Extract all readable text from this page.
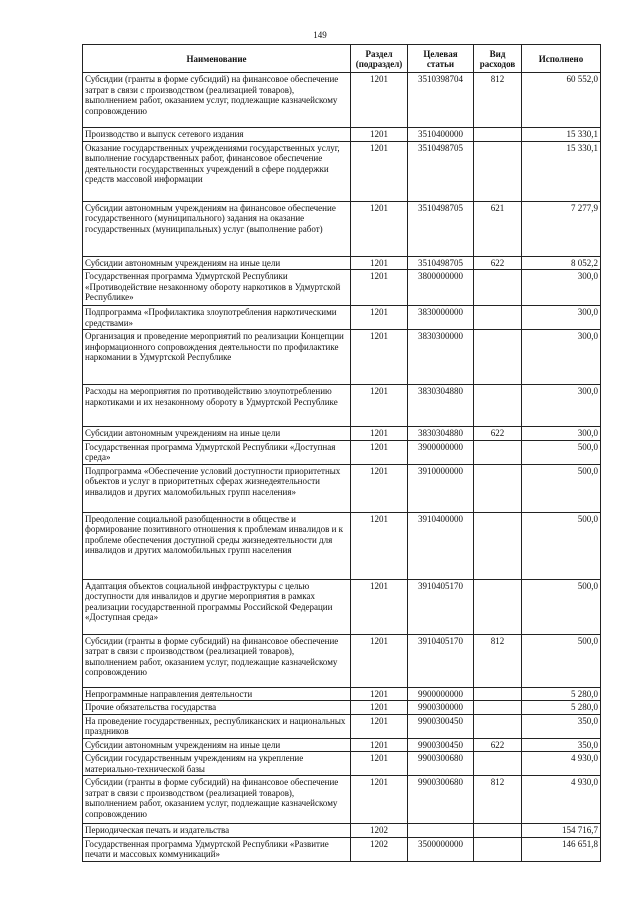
149
Наименование	Раздел (подраздел)	Целевая статьи	Вид расходов	Исполнено
Субсидии (гранты в форме субсидий) на финансовое обеспечение затрат в связи с производством (реализацией товаров), выполнением работ, оказанием услуг, подлежащие казначейскому сопровождению	1201	3510398704	812	60 552,0
Производство и выпуск сетевого издания	1201	3510400000		15 330,1
Оказание государственных учреждениями государственных услуг, выполнение государственных работ, финансовое обеспечение деятельности государственных учреждений в сфере поддержки средств массовой информации	1201	3510498705		15 330,1
Субсидии автономным учреждениям на финансовое обеспечение государственного (муниципального) задания на оказание государственных (муниципальных) услуг (выполнение работ)	1201	3510498705	621	7 277,9
Субсидии автономным учреждениям на иные цели	1201	3510498705	622	8 052,2
Государственная программа Удмуртской Республики «Противодействие незаконному обороту наркотиков в Удмуртской Республике»	1201	3800000000		300,0
Подпрограмма «Профилактика злоупотребления наркотическими средствами»	1201	3830000000		300,0
Организация и проведение мероприятий по реализации Концепции информационного сопровождения деятельности по профилактике наркомании в Удмуртской Республике	1201	3830300000		300,0
Расходы на мероприятия по противодействию злоупотреблению наркотиками и их незаконному обороту в Удмуртской Республике	1201	3830304880		300,0
Субсидии автономным учреждениям на иные цели	1201	3830304880	622	300,0
Государственная программа Удмуртской Республики «Доступная среда»	1201	3900000000		500,0
Подпрограмма «Обеспечение условий доступности приоритетных объектов и услуг в приоритетных сферах жизнедеятельности инвалидов и других маломобильных групп населения»	1201	3910000000		500,0
Преодоление социальной разобщенности в обществе и формирование позитивного отношения к проблемам инвалидов и к проблеме обеспечения доступной среды жизнедеятельности для инвалидов и других маломобильных групп населения	1201	3910400000		500,0
Адаптация объектов социальной инфраструктуры с целью доступности для инвалидов и другие мероприятия в рамках реализации государственной программы Российской Федерации «Доступная среда»	1201	3910405170		500,0
Субсидии (гранты в форме субсидий) на финансовое обеспечение затрат в связи с производством (реализацией товаров), выполнением работ, оказанием услуг, подлежащие казначейскому сопровождению	1201	3910405170	812	500,0
Непрограммные направления деятельности	1201	9900000000		5 280,0
Прочие обязательства государства	1201	9900300000		5 280,0
На проведение государственных, республиканских и национальных праздников	1201	9900300450		350,0
Субсидии автономным учреждениям на иные цели	1201	9900300450	622	350,0
Субсидии государственным учреждениям на укрепление материально-технической базы	1201	9900300680		4 930,0
Субсидии (гранты в форме субсидий) на финансовое обеспечение затрат в связи с производством (реализацией товаров), выполнением работ, оказанием услуг, подлежащие казначейскому сопровождению	1201	9900300680	812	4 930,0
Периодическая печать и издательства	1202			154 716,7
Государственная программа Удмуртской Республики «Развитие печати и массовых коммуникаций»	1202	3500000000		146 651,8
